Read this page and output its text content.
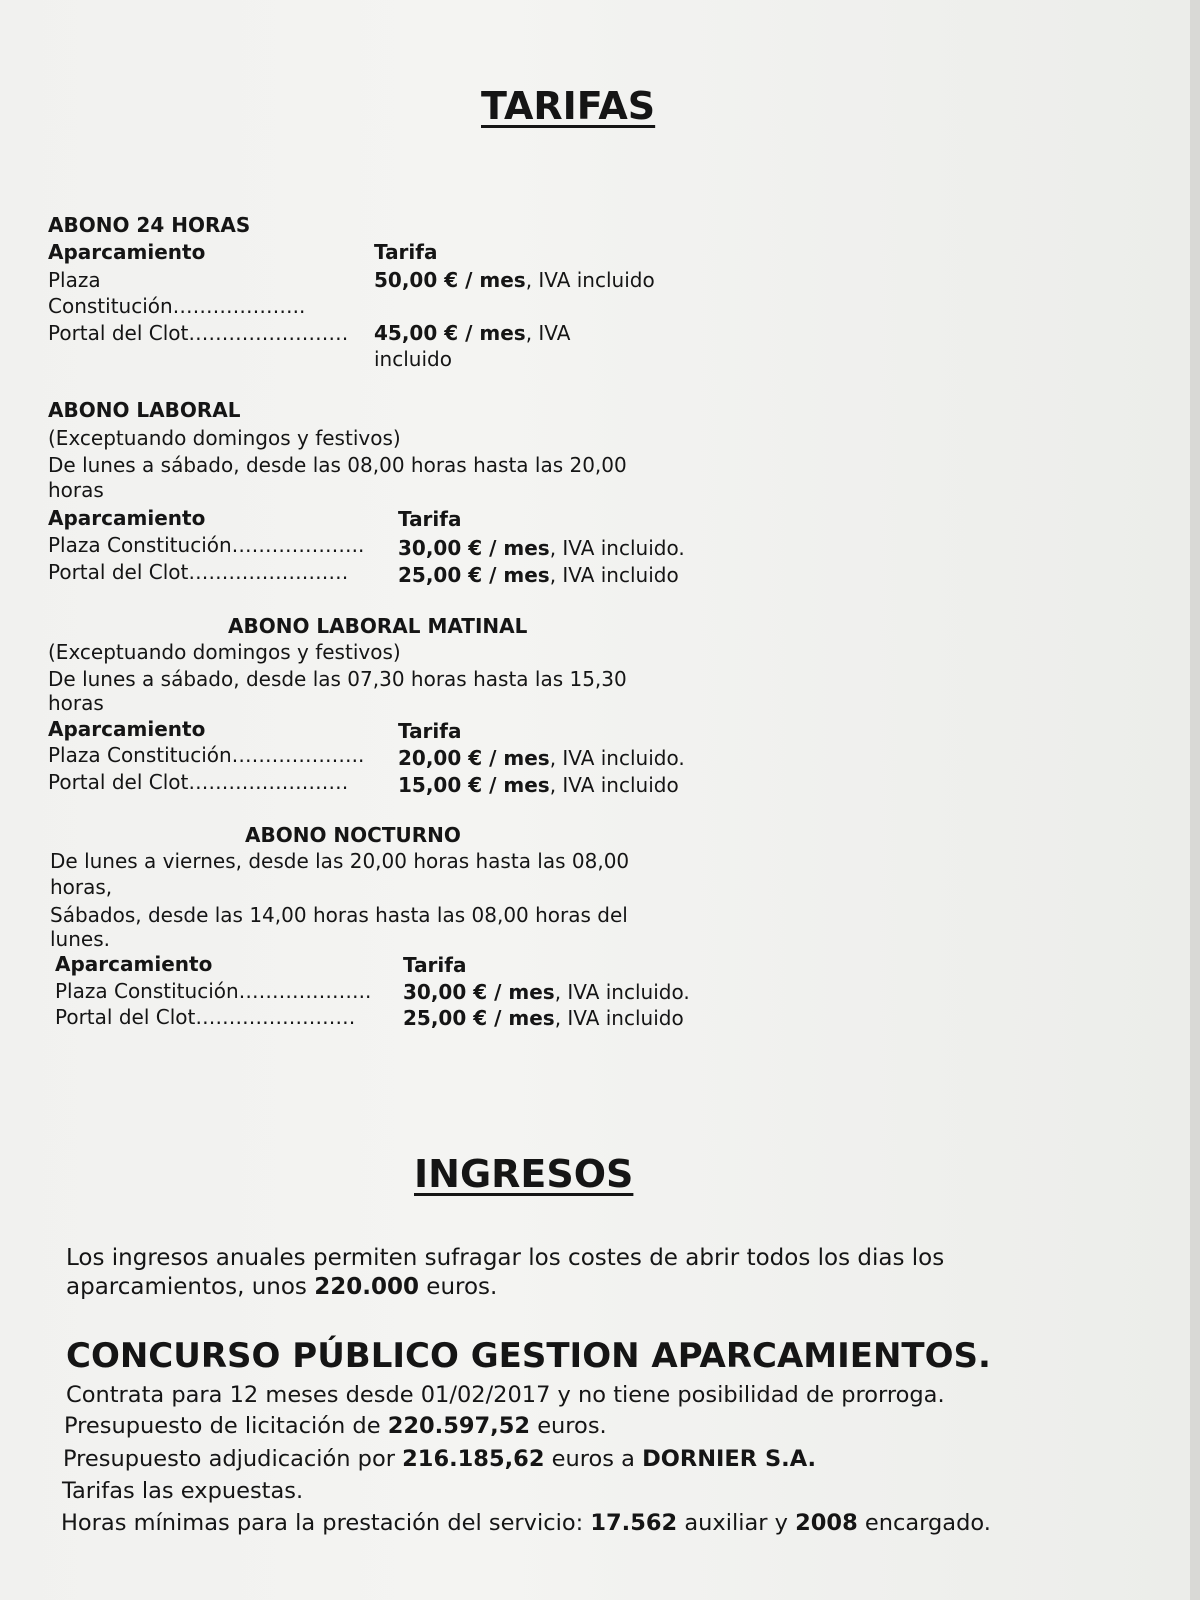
TARIFAS
ABONO 24 HORAS
Aparcamiento	Tarifa
Plaza
Constitución………………..
50,00 € / mes, IVA incluido
Portal del Clot…………………… 45,00 € / mes, IVA
incluido
ABONO LABORAL
(Exceptuando domingos y festivos)
De lunes a sábado, desde las 08,00 horas hasta las 20,00
horas
Aparcamiento	Tarifa
Plaza Constitución……………….. 30,00 € / mes, IVA incluido.
Portal del Clot…………………… 25,00 € / mes, IVA incluido
ABONO LABORAL MATINAL
(Exceptuando domingos y festivos)
De lunes a sábado, desde las 07,30 horas hasta las 15,30
horas
Aparcamiento	Tarifa
Plaza Constitución……………….. 20,00 € / mes, IVA incluido.
Portal del Clot…………………… 15,00 € / mes, IVA incluido
ABONO NOCTURNO
De lunes a viernes, desde las 20,00 horas hasta las 08,00
horas,
Sábados, desde las 14,00 horas hasta las 08,00 horas del
lunes.
Aparcamiento	Tarifa
Plaza Constitución……………….. 30,00 € / mes, IVA incluido.
Portal del Clot…………………… 25,00 € / mes, IVA incluido
INGRESOS
Los ingresos anuales permiten sufragar los costes de abrir todos los dias los
aparcamientos, unos 220.000 euros.
CONCURSO PÚBLICO GESTION APARCAMIENTOS.
Contrata para 12 meses desde 01/02/2017 y no tiene posibilidad de prorroga.
Presupuesto de licitación de 220.597,52 euros.
Presupuesto adjudicación por 216.185,62 euros a DORNIER S.A.
Tarifas las expuestas.
Horas mínimas para la prestación del servicio: 17.562 auxiliar y 2008 encargado.
